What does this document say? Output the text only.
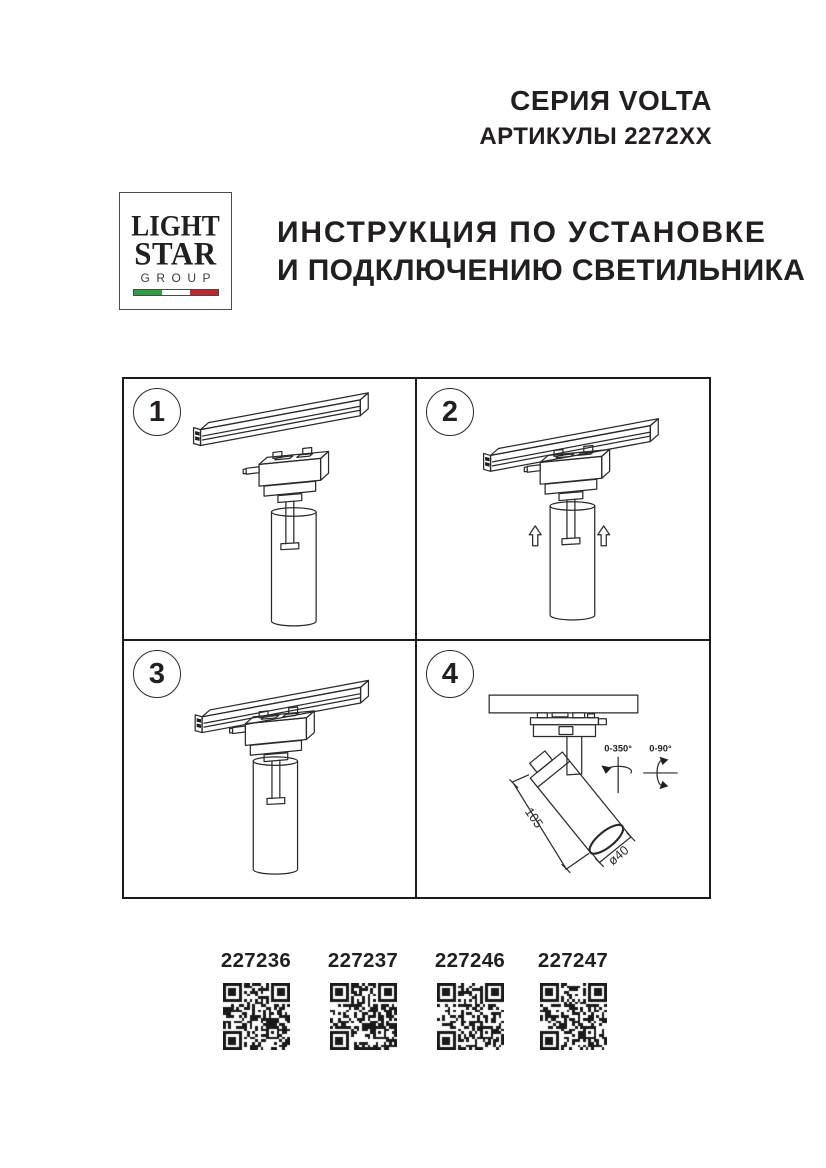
СЕРИЯ VOLTA
АРТИКУЛЫ 2272XX
LIGHT
STAR
GROUP
ИНСТРУКЦИЯ ПО УСТАНОВКЕ
И ПОДКЛЮЧЕНИЮ СВЕТИЛЬНИКА
1	2
3	4
105
ø40
0-350° 0-90°
227236 227237 227246 227247
